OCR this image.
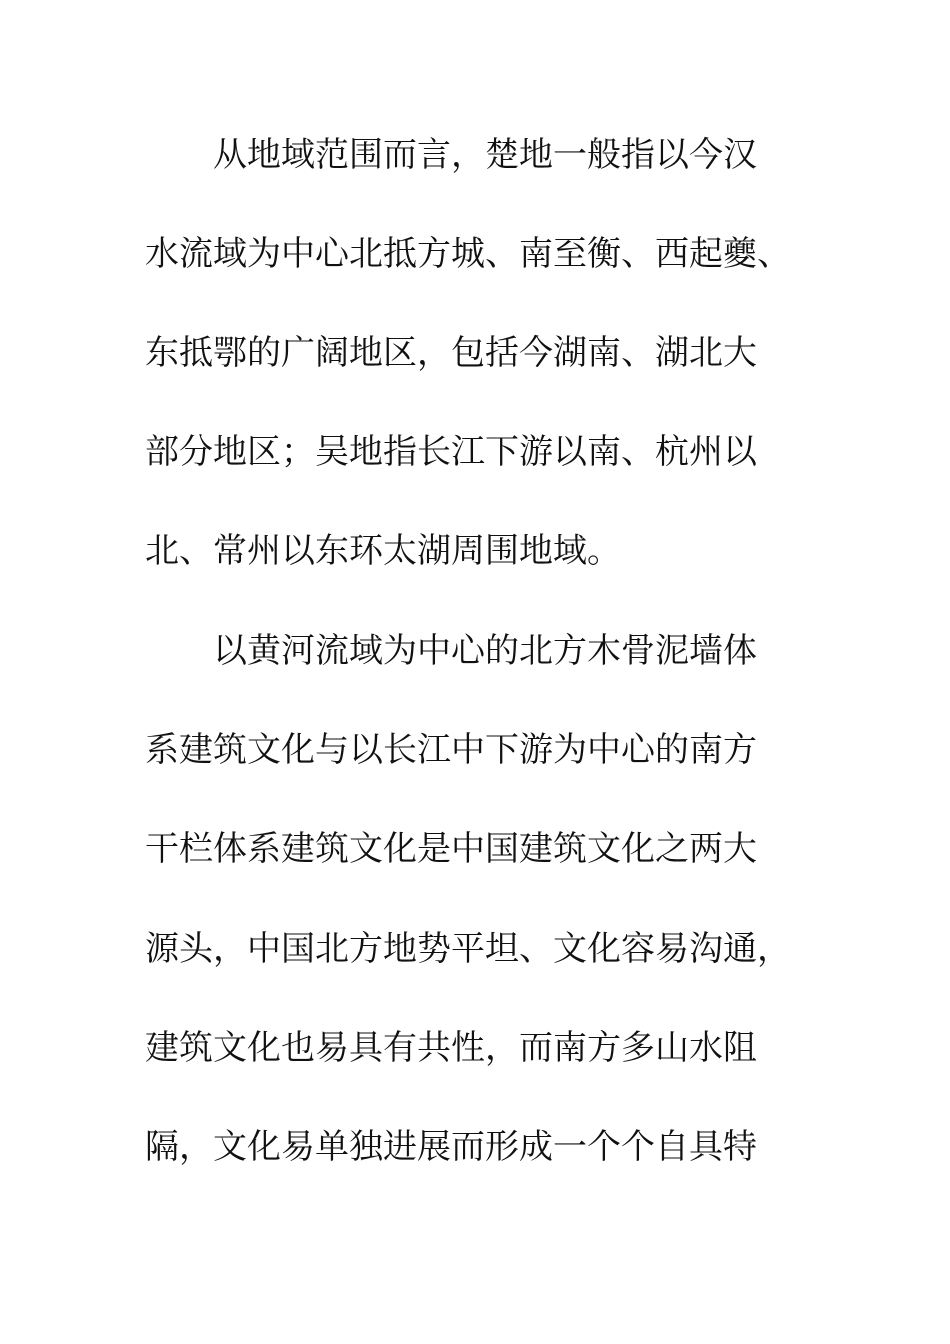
　　从地域范围而言，楚地一般指以今汉
水流域为中心北抵方城、南至衡、西起夔、
东抵鄂的广阔地区，包括今湖南、湖北大
部分地区；吴地指长江下游以南、杭州以
北、常州以东环太湖周围地域。
　　以黄河流域为中心的北方木骨泥墙体
系建筑文化与以长江中下游为中心的南方
干栏体系建筑文化是中国建筑文化之两大
源头，中国北方地势平坦、文化容易沟通，
建筑文化也易具有共性，而南方多山水阻
隔，文化易单独进展而形成一个个自具特
